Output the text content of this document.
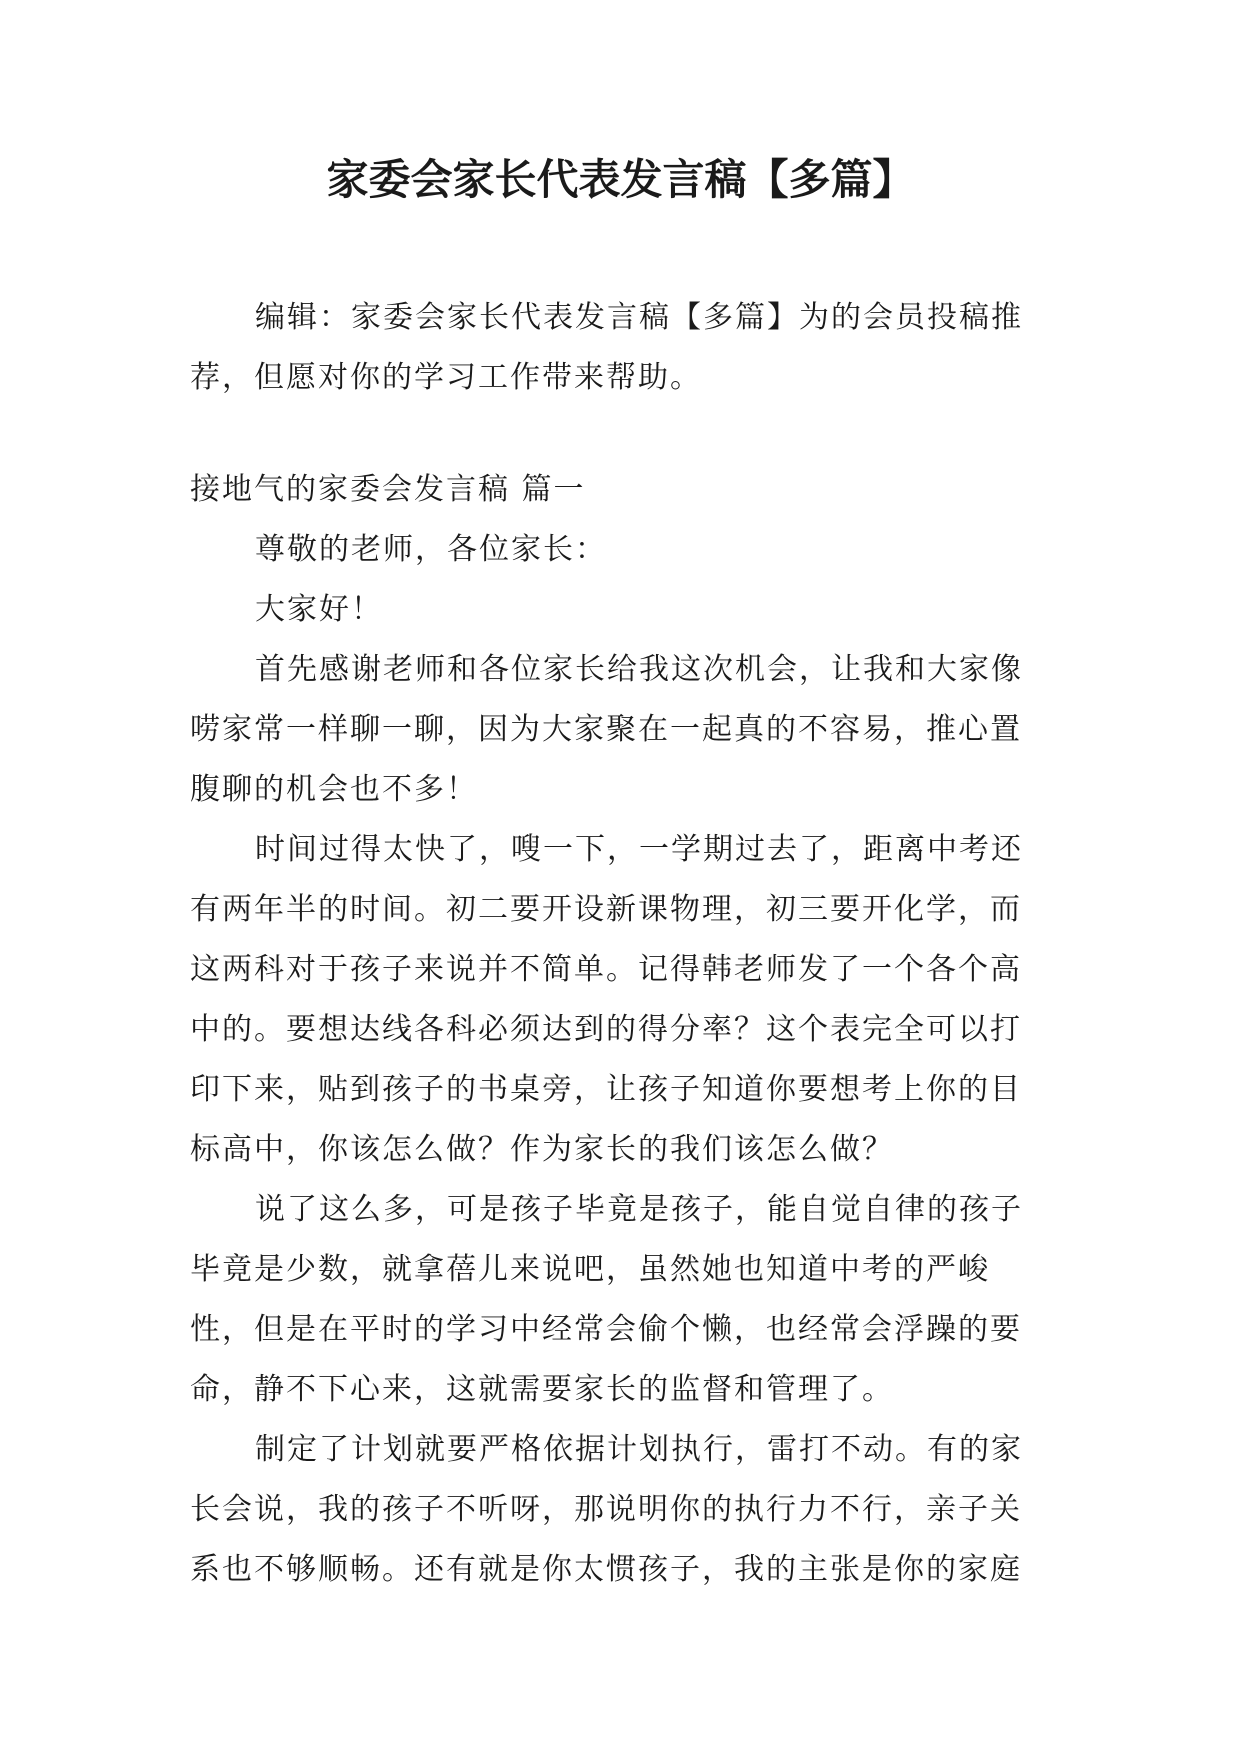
家委会家长代表发言稿【多篇】

编辑：家委会家长代表发言稿【多篇】为的会员投稿推荐，但愿对你的学习工作带来帮助。

接地气的家委会发言稿 篇一

尊敬的老师，各位家长：

大家好！

首先感谢老师和各位家长给我这次机会，让我和大家像唠家常一样聊一聊，因为大家聚在一起真的不容易，推心置腹聊的机会也不多！

时间过得太快了，嗖一下，一学期过去了，距离中考还有两年半的时间。初二要开设新课物理，初三要开化学，而这两科对于孩子来说并不简单。记得韩老师发了一个各个高中的。要想达线各科必须达到的得分率？这个表完全可以打印下来，贴到孩子的书桌旁，让孩子知道你要想考上你的目标高中，你该怎么做？作为家长的我们该怎么做？

说了这么多，可是孩子毕竟是孩子，能自觉自律的孩子毕竟是少数，就拿蓓儿来说吧，虽然她也知道中考的严峻性，但是在平时的学习中经常会偷个懒，也经常会浮躁的要命，静不下心来，这就需要家长的监督和管理了。

制定了计划就要严格依据计划执行，雷打不动。有的家长会说，我的孩子不听呀，那说明你的执行力不行，亲子关系也不够顺畅。还有就是你太惯孩子，我的主张是你的家庭
